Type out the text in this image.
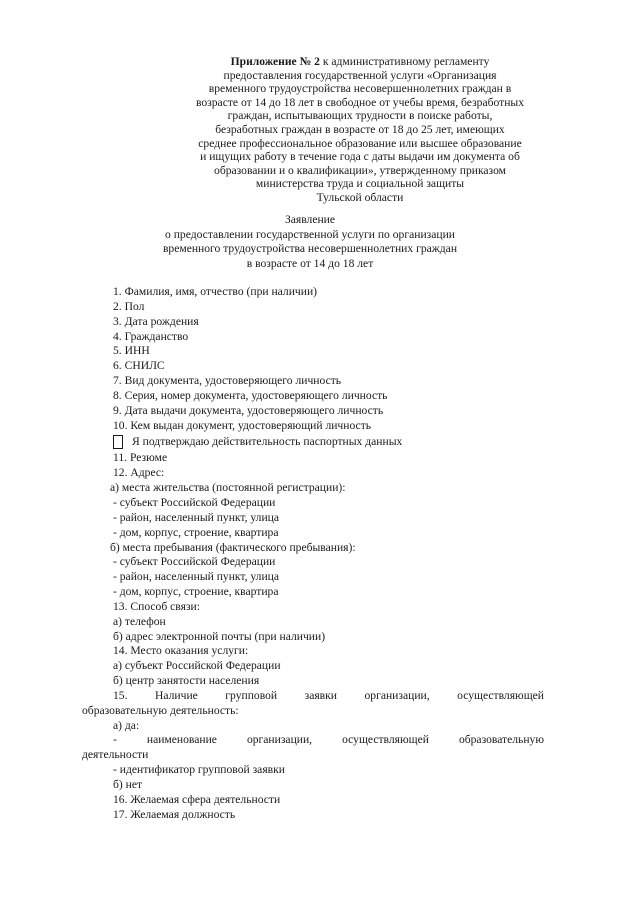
Приложение № 2 к административному регламенту
предоставления государственной услуги «Организация
временного трудоустройства несовершеннолетних граждан в
возрасте от 14 до 18 лет в свободное от учебы время, безработных
граждан, испытывающих трудности в поиске работы,
безработных граждан в возрасте от 18 до 25 лет, имеющих
среднее профессиональное образование или высшее образование
и ищущих работу в течение года с даты выдачи им документа об
образовании и о квалификации», утвержденному приказом
министерства труда и социальной защиты
Тульской области
Заявление
о предоставлении государственной услуги по организации
временного трудоустройства несовершеннолетних граждан
в возрасте от 14 до 18 лет
1. Фамилия, имя, отчество (при наличии)
2. Пол
3. Дата рождения
4. Гражданство
5. ИНН
6. СНИЛС
7. Вид документа, удостоверяющего личность
8. Серия, номер документа, удостоверяющего личность
9. Дата выдачи документа, удостоверяющего личность
10. Кем выдан документ, удостоверяющий личность
Я подтверждаю действительность паспортных данных
11. Резюме
12. Адрес:
а) места жительства (постоянной регистрации):
- субъект Российской Федерации
- район, населенный пункт, улица
- дом, корпус, строение, квартира
б) места пребывания (фактического пребывания):
- субъект Российской Федерации
- район, населенный пункт, улица
- дом, корпус, строение, квартира
13. Способ связи:
а) телефон
б) адрес электронной почты (при наличии)
14. Место оказания услуги:
а) субъект Российской Федерации
б) центр занятости населения
15. Наличие групповой заявки организации, осуществляющей
образовательную деятельность:
а) да:
-	наименование	организации,	осуществляющей	образовательную
деятельности
- идентификатор групповой заявки
б) нет
16. Желаемая сфера деятельности
17. Желаемая должность
